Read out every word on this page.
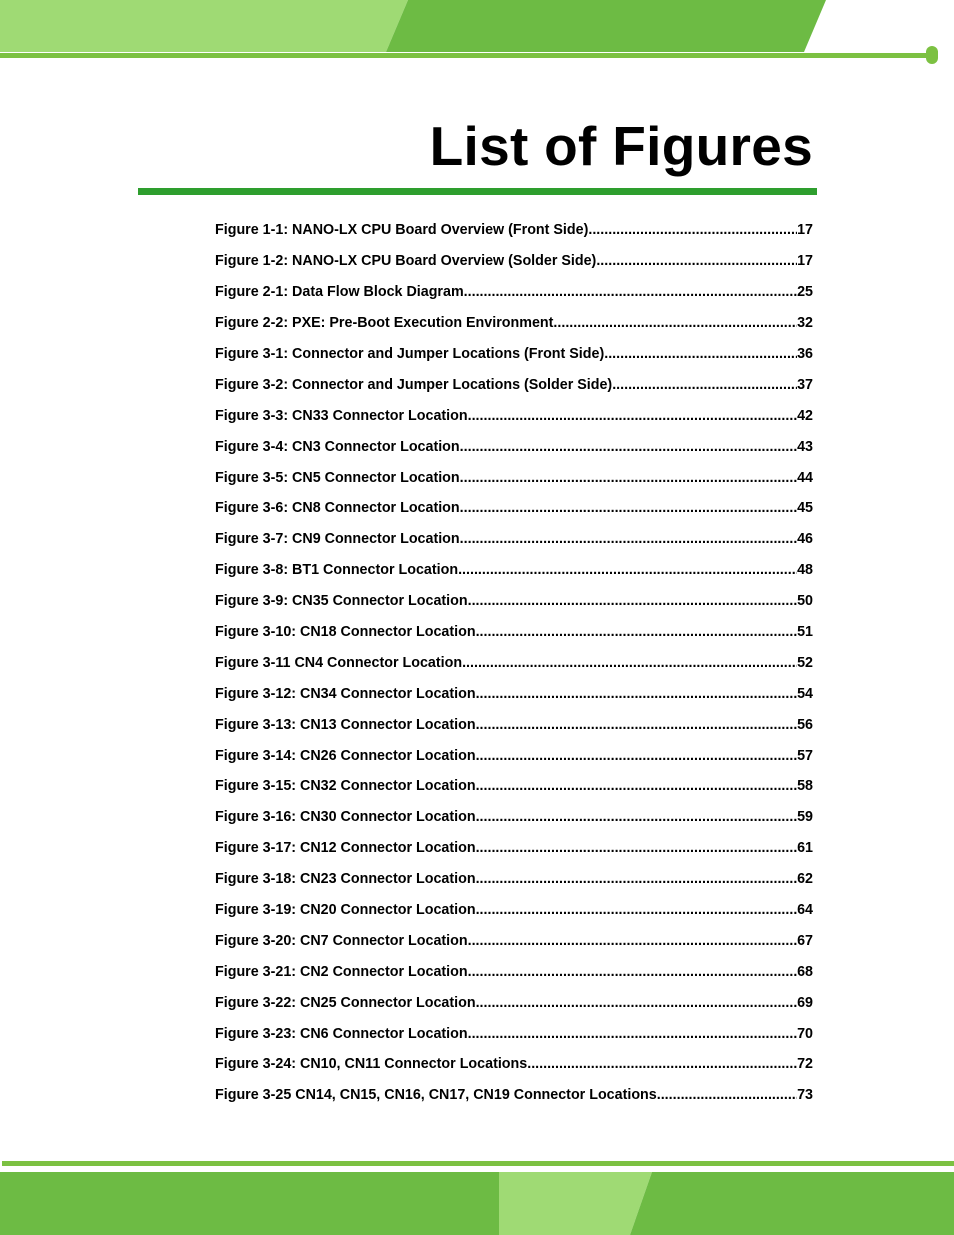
List of Figures
Figure 1-1: NANO-LX CPU Board Overview (Front Side) .....	17
Figure 1-2: NANO-LX CPU Board Overview (Solder Side) .....	17
Figure 2-1: Data Flow Block Diagram .....	25
Figure 2-2: PXE: Pre-Boot Execution Environment .....	32
Figure 3-1: Connector and Jumper Locations (Front Side) .....	36
Figure 3-2: Connector and Jumper Locations (Solder Side) .....	37
Figure 3-3: CN33 Connector Location .....	42
Figure 3-4: CN3 Connector Location .....	43
Figure 3-5: CN5 Connector Location .....	44
Figure 3-6: CN8 Connector Location .....	45
Figure 3-7: CN9 Connector Location .....	46
Figure 3-8: BT1 Connector Location .....	48
Figure 3-9: CN35 Connector Location .....	50
Figure 3-10: CN18 Connector Location .....	51
Figure 3-11 CN4 Connector Location .....	52
Figure 3-12: CN34 Connector Location .....	54
Figure 3-13: CN13 Connector Location .....	56
Figure 3-14: CN26 Connector Location .....	57
Figure 3-15: CN32 Connector Location .....	58
Figure 3-16: CN30 Connector Location .....	59
Figure 3-17: CN12 Connector Location .....	61
Figure 3-18: CN23 Connector Location .....	62
Figure 3-19: CN20 Connector Location .....	64
Figure 3-20: CN7 Connector Location .....	67
Figure 3-21: CN2 Connector Location .....	68
Figure 3-22: CN25 Connector Location .....	69
Figure 3-23: CN6 Connector Location .....	70
Figure 3-24: CN10, CN11 Connector Locations .....	72
Figure 3-25 CN14, CN15, CN16, CN17, CN19 Connector Locations .....	73
